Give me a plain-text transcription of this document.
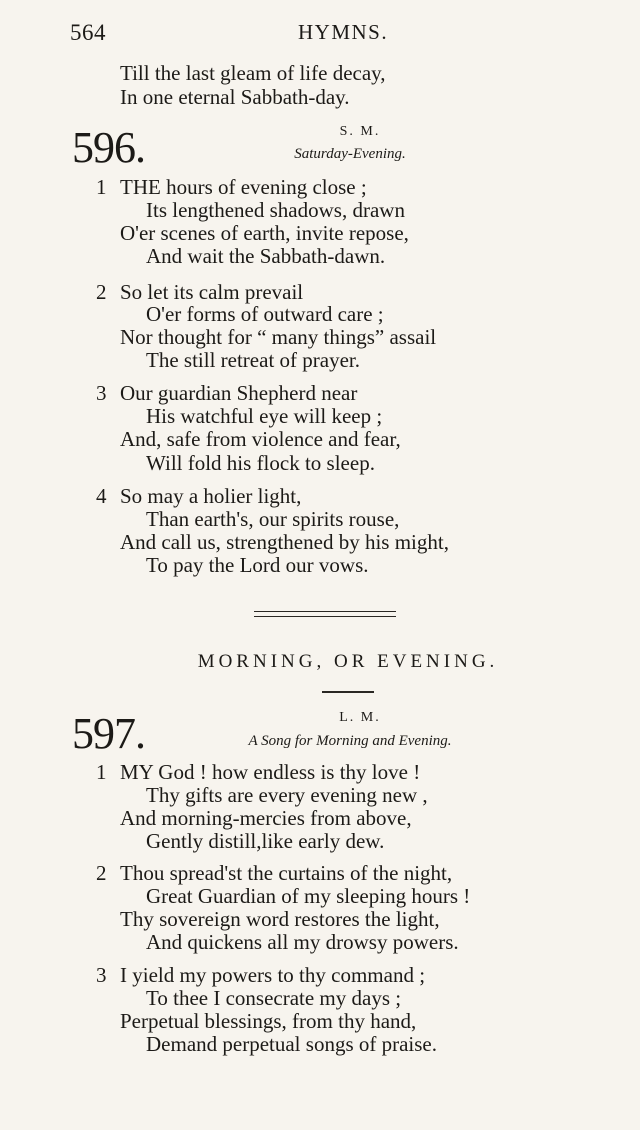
564	HYMNS.
Till the last gleam of life decay,
In one eternal Sabbath-day.
596.	S. M.
Saturday-Evening.
1 THE hours of evening close ;
Its lengthened shadows, drawn
O'er scenes of earth, invite repose,
And wait the Sabbath-dawn.
2 So let its calm prevail
O'er forms of outward care ;
Nor thought for “ many things” assail
The still retreat of prayer.
3 Our guardian Shepherd near
His watchful eye will keep ;
And, safe from violence and fear,
Will fold his flock to sleep.
4 So may a holier light,
Than earth's, our spirits rouse,
And call us, strengthened by his might,
To pay the Lord our vows.
MORNING, OR EVENING.
597.	L. M.
A Song for Morning and Evening.
1 MY God ! how endless is thy love !
Thy gifts are every evening new ,
And morning-mercies from above,
Gently distill,like early dew.
2 Thou spread'st the curtains of the night,
Great Guardian of my sleeping hours !
Thy sovereign word restores the light,
And quickens all my drowsy powers.
3 I yield my powers to thy command ;
To thee I consecrate my days ;
Perpetual blessings, from thy hand,
Demand perpetual songs of praise.
